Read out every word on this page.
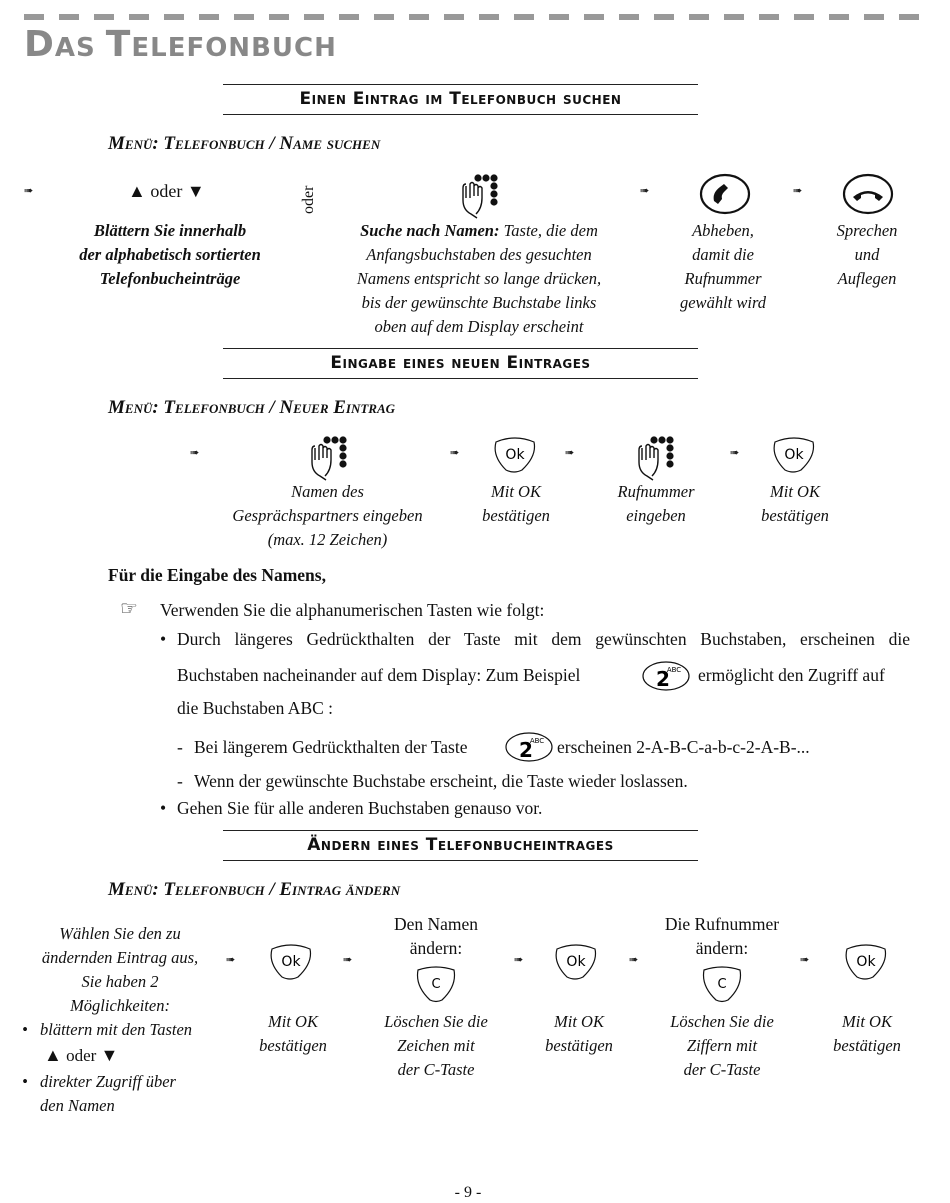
DAS TELEFONBUCH
Einen Eintrag im Telefonbuch suchen
Menü: Telefonbuch / Name suchen
➠	▲ oder ▼	oder	➠	➠
Blättern Sie innerhalb
der alphabetisch sortierten
Telefonbucheinträge
Suche nach Namen: Taste, die dem
Anfangsbuchstaben des gesuchten
Namens entspricht so lange drücken,
bis der gewünschte Buchstabe links
oben auf dem Display erscheint
Abheben,
damit die
Rufnummer
gewählt wird
Sprechen
und
Auflegen
Eingabe eines neuen Eintrages
Menü: Telefonbuch / Neuer Eintrag
➠	➠	Ok	➠	➠	Ok
Namen des
Gesprächspartners eingeben
(max. 12 Zeichen)
Mit OK
bestätigen
Rufnummer
eingeben
Mit OK
bestätigen
Für die Eingabe des Namens,
☞ Verwenden Sie die alphanumerischen Tasten wie folgt:
• Durch längeres Gedrückthalten der Taste mit dem gewünschten Buchstaben, erscheinen die
Buchstaben nacheinander auf dem Display: Zum Beispiel	2
ABC ermöglicht den Zugriff auf
die Buchstaben ABC :
- Bei längerem Gedrückthalten der Taste	2
ABC erscheinen 2-A-B-C-a-b-c-2-A-B-...
- Wenn der gewünschte Buchstabe erscheint, die Taste wieder loslassen.
• Gehen Sie für alle anderen Buchstaben genauso vor.
Ändern eines Telefonbucheintrages
Menü: Telefonbuch / Eintrag ändern
Wählen Sie den zu
ändernden Eintrag aus,
Sie haben 2
Möglichkeiten:
• blättern mit den Tasten
▲ oder ▼
• direkter Zugriff über
den Namen
➠	Ok	➠
Den Namen
ändern:
C
➠	Ok	➠
Die Rufnummer
ändern:
C
➠	Ok
Mit OK
bestätigen
Löschen Sie die
Zeichen mit
der C-Taste
Mit OK
bestätigen
Löschen Sie die
Ziffern mit
der C-Taste
Mit OK
bestätigen
- 9 -
